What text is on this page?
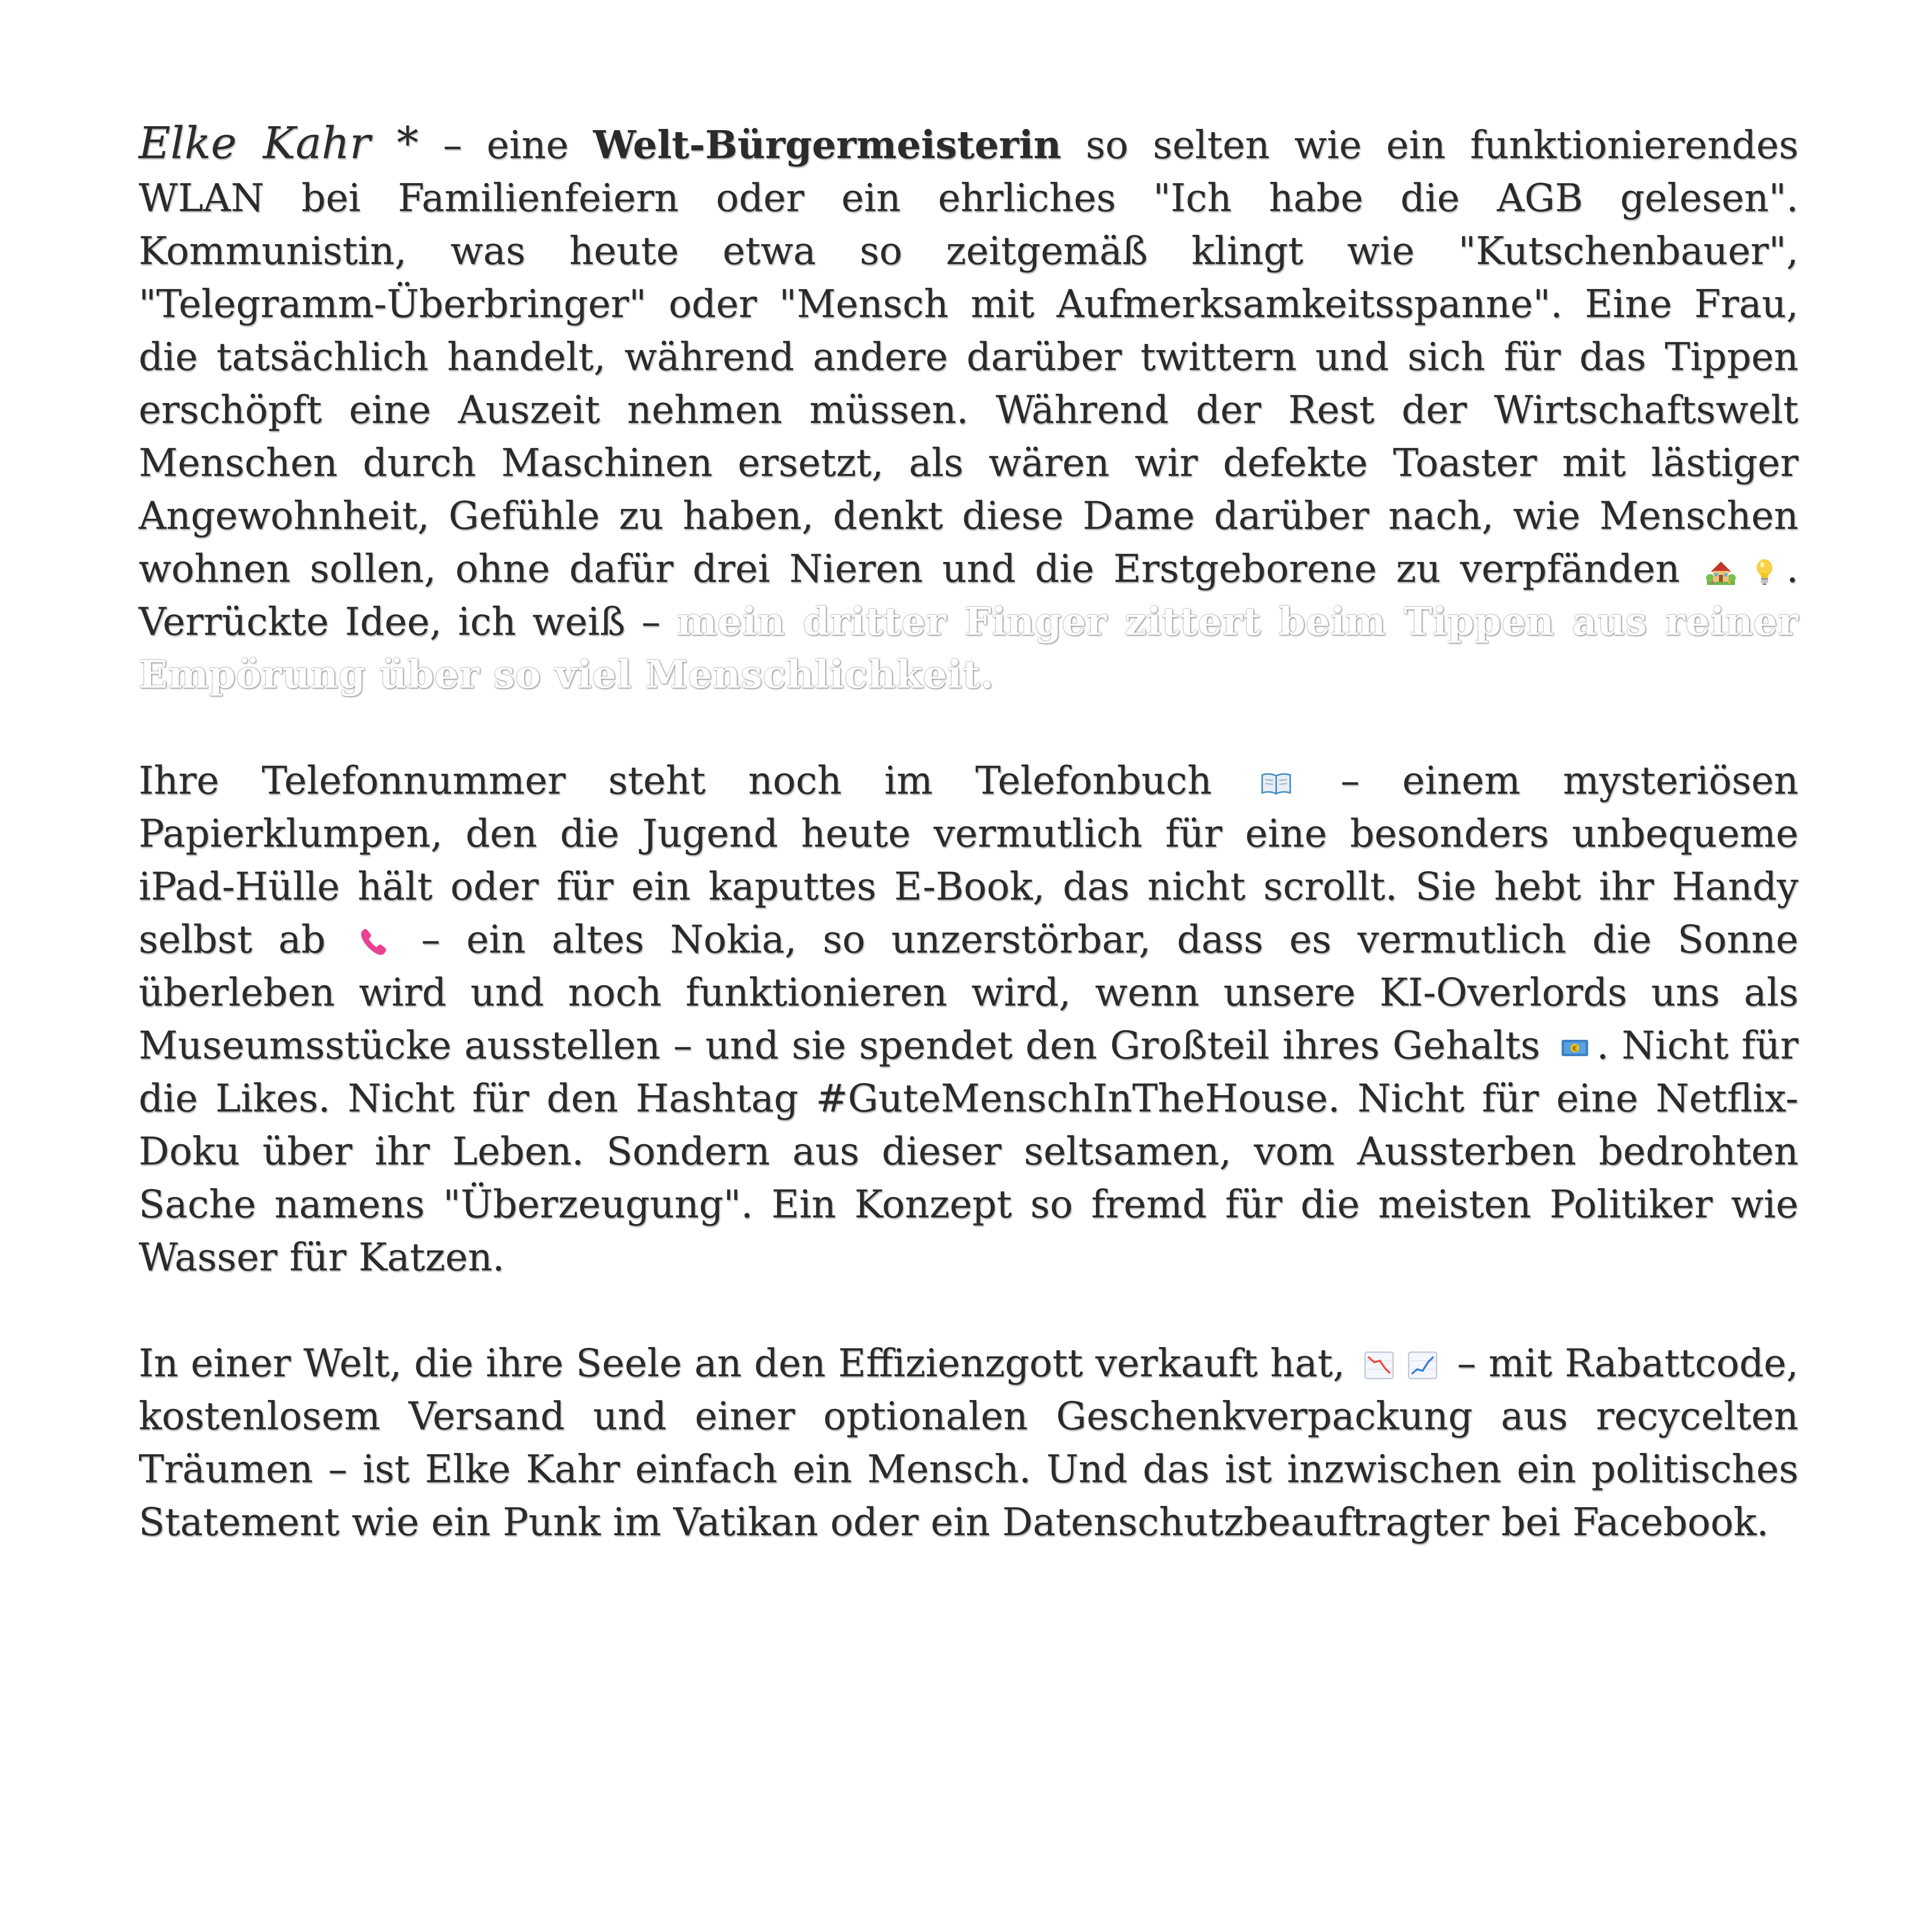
Elke Kahr * – eine Welt-Bürgermeisterin so selten wie ein funktionierendes WLAN bei Familienfeiern oder ein ehrliches "Ich habe die AGB gelesen". Kommunistin, was heute etwa so zeitgemäß klingt wie "Kutschenbauer", "Telegramm-Überbringer" oder "Mensch mit Aufmerksamkeitsspanne". Eine Frau, die tatsächlich handelt, während andere darüber twittern und sich für das Tippen erschöpft eine Auszeit nehmen müssen. Während der Rest der Wirtschaftswelt Menschen durch Maschinen ersetzt, als wären wir defekte Toaster mit lästiger Angewohnheit, Gefühle zu haben, denkt diese Dame darüber nach, wie Menschen wohnen sollen, ohne dafür drei Nieren und die Erstgeborene zu verpfänden	. Verrückte Idee, ich weiß – mein dritter Finger zittert beim Tippen aus reiner Empörung über so viel Menschlichkeit.

Ihre Telefonnummer steht noch im Telefonbuch
– einem mysteriösen Papierklumpen, den die Jugend heute vermutlich für eine besonders unbequeme iPad-Hülle hält oder für ein kaputtes E-Book, das nicht scrollt. Sie hebt ihr Handy selbst ab
– ein altes Nokia, so unzerstörbar, dass es vermutlich die Sonne überleben wird und noch funktionieren wird, wenn unsere KI-Overlords uns als Museumsstücke ausstellen – und sie spendet den Großteil ihres Gehalts	€ . Nicht für die Likes. Nicht für den Hashtag #GuteMenschInTheHouse. Nicht für eine Netflix-Doku über ihr Leben. Sondern aus dieser seltsamen, vom Aussterben bedrohten Sache namens "Überzeugung". Ein Konzept so fremd für die meisten Politiker wie Wasser für Katzen.

In einer Welt, die ihre Seele an den Effizienzgott verkauft hat,
– mit Rabattcode, kostenlosem Versand und einer optionalen Geschenkverpackung aus recycelten Träumen – ist Elke Kahr einfach ein Mensch. Und das ist inzwischen ein politisches Statement wie ein Punk im Vatikan oder ein Datenschutzbeauftragter bei Facebook.
